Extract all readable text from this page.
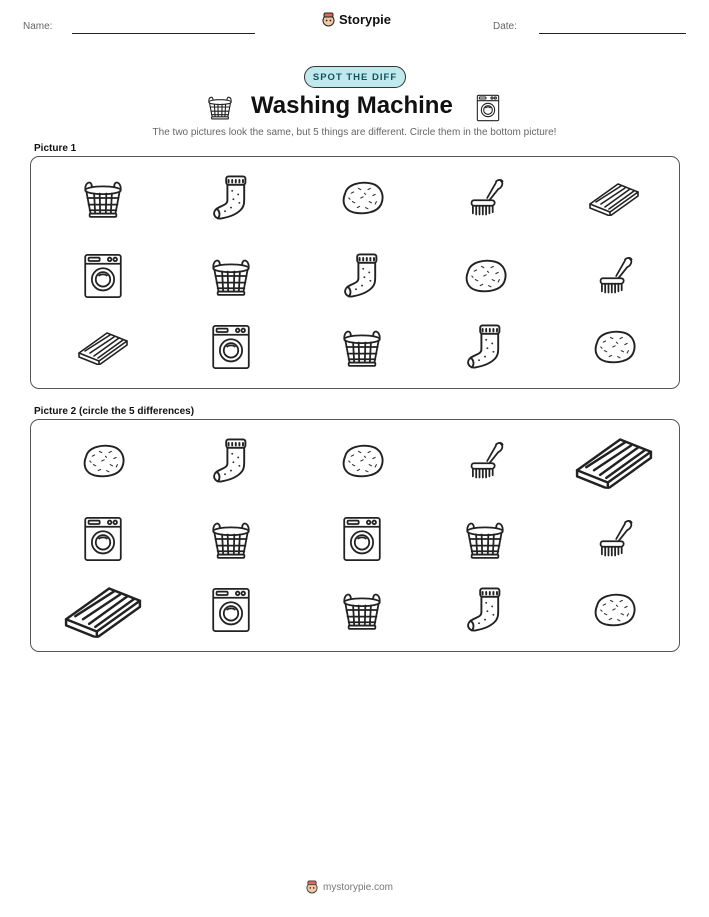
Name:	Storypie	Date:
SPOT THE DIFF
Washing Machine
The two pictures look the same, but 5 things are different. Circle them in the bottom picture!
Picture 1
Picture 2 (circle the 5 differences)
mystorypie.com
